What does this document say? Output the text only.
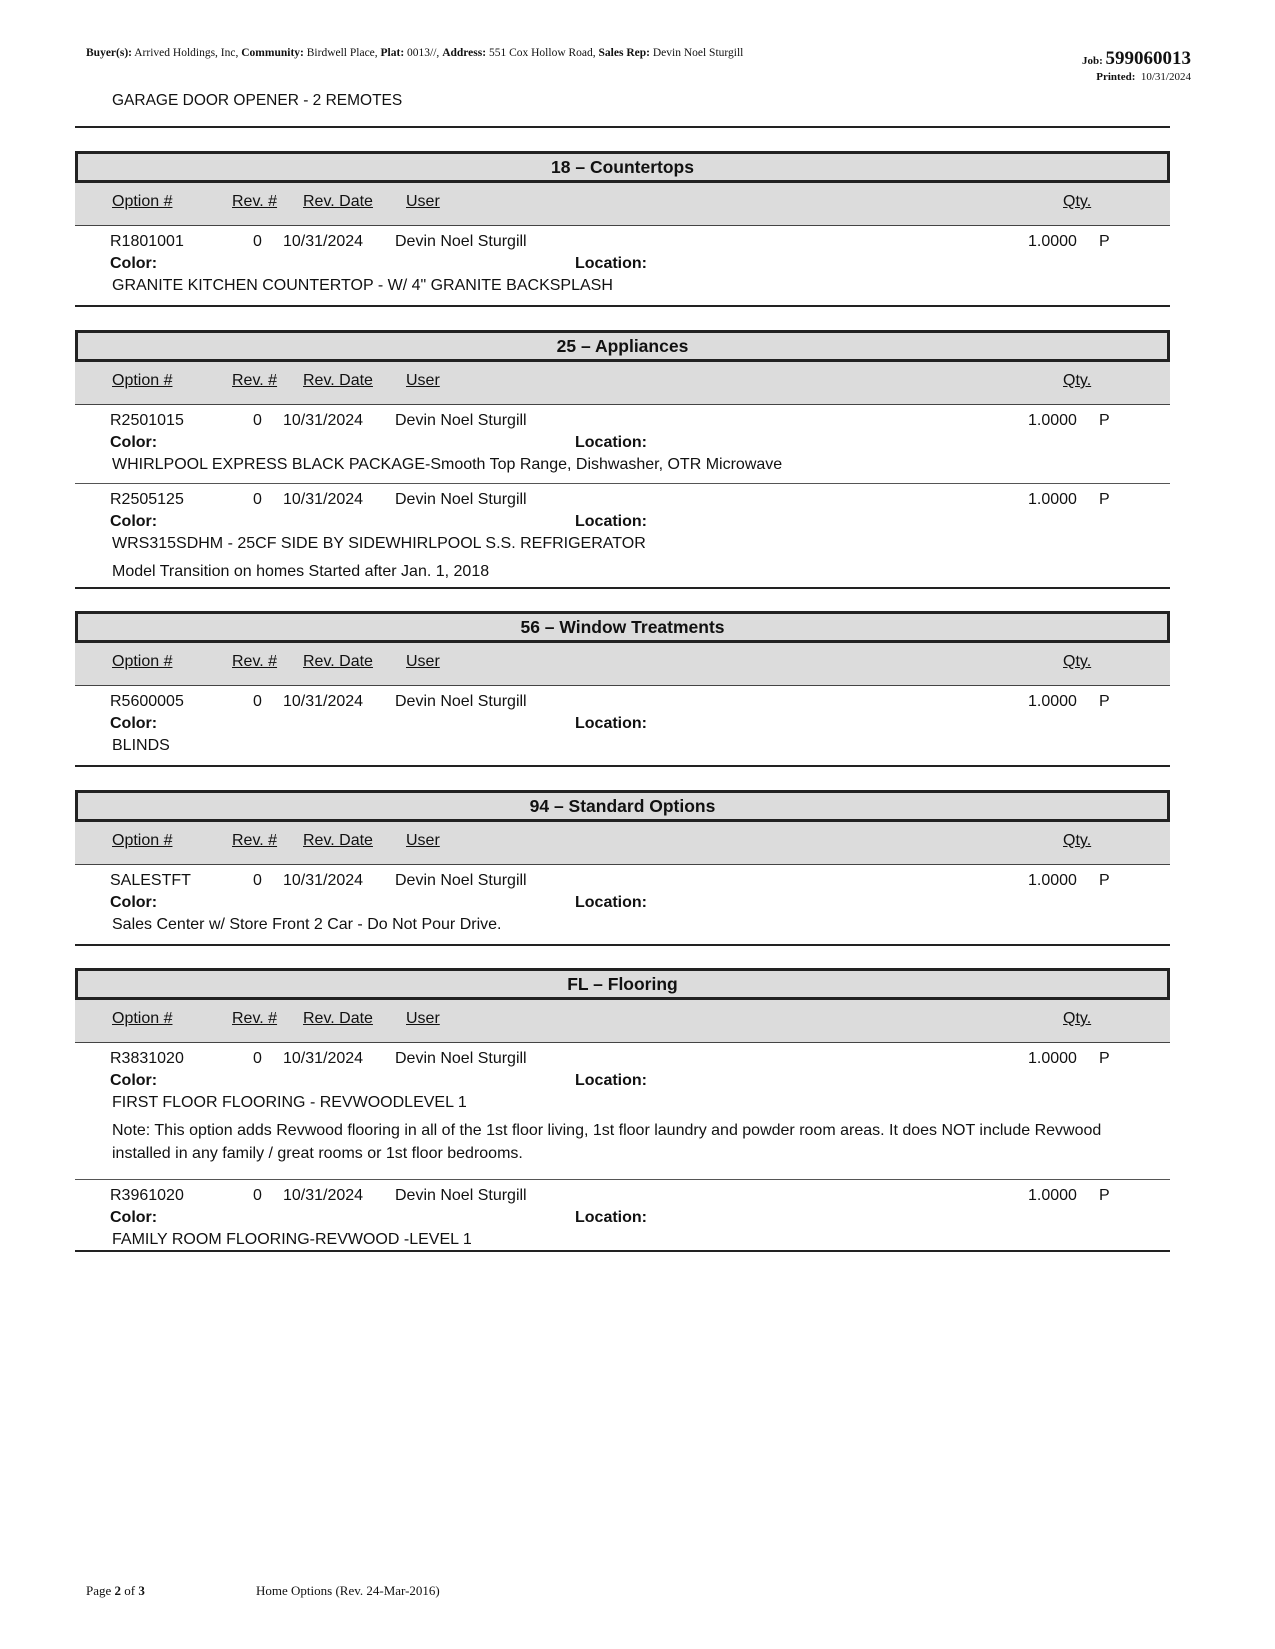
Buyer(s): Arrived Holdings, Inc, Community: Birdwell Place, Plat: 0013//, Address: 551 Cox Hollow Road, Sales Rep: Devin Noel Sturgill
Job: 599060013
Printed: 10/31/2024
GARAGE DOOR OPENER - 2 REMOTES
18 – Countertops
Option #	Rev. # Rev. Date User	Qty.
R1801001	0 10/31/2024 Devin Noel Sturgill	1.0000 P
Color:	Location:
GRANITE KITCHEN COUNTERTOP - W/ 4" GRANITE BACKSPLASH
25 – Appliances
Option #	Rev. # Rev. Date User	Qty.
R2501015	0 10/31/2024 Devin Noel Sturgill	1.0000 P
Color:	Location:
WHIRLPOOL EXPRESS BLACK PACKAGE-Smooth Top Range, Dishwasher, OTR Microwave
R2505125	0 10/31/2024 Devin Noel Sturgill	1.0000 P
Color:	Location:
WRS315SDHM - 25CF SIDE BY SIDEWHIRLPOOL S.S. REFRIGERATOR
Model Transition on homes Started after Jan. 1, 2018
56 – Window Treatments
Option #	Rev. # Rev. Date User	Qty.
R5600005	0 10/31/2024 Devin Noel Sturgill	1.0000 P
Color:	Location:
BLINDS
94 – Standard Options
Option #	Rev. # Rev. Date User	Qty.
SALESTFT	0 10/31/2024 Devin Noel Sturgill	1.0000 P
Color:	Location:
Sales Center w/ Store Front 2 Car - Do Not Pour Drive.
FL – Flooring
Option #	Rev. # Rev. Date User	Qty.
R3831020	0 10/31/2024 Devin Noel Sturgill	1.0000 P
Color:	Location:
FIRST FLOOR FLOORING - REVWOODLEVEL 1
Note: This option adds Revwood flooring in all of the 1st floor living, 1st floor laundry and powder room areas. It does NOT include Revwood installed in any family / great rooms or 1st floor bedrooms.
R3961020	0 10/31/2024 Devin Noel Sturgill	1.0000 P
Color:	Location:
FAMILY ROOM FLOORING-REVWOOD -LEVEL 1
Page 2 of 3	Home Options (Rev. 24-Mar-2016)
